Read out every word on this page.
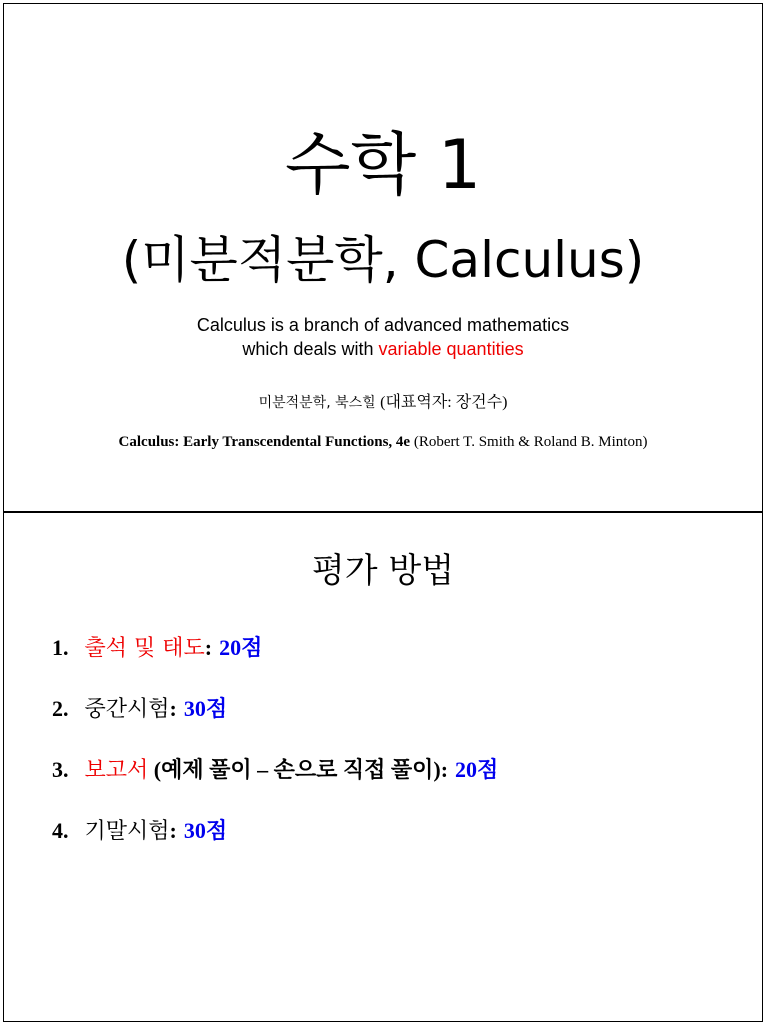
수학 1
(미분적분학, Calculus)
Calculus is a branch of advanced mathematics
which deals with variable quantities
미분적분학, 북스힐 (대표역자: 장건수)
Calculus: Early Transcendental Functions, 4e (Robert T. Smith & Roland B. Minton)
평가 방법
1. 출석 및 태도: 20점
2. 중간시험: 30점
3. 보고서 (예제 풀이 – 손으로 직접 풀이): 20점
4. 기말시험: 30점
